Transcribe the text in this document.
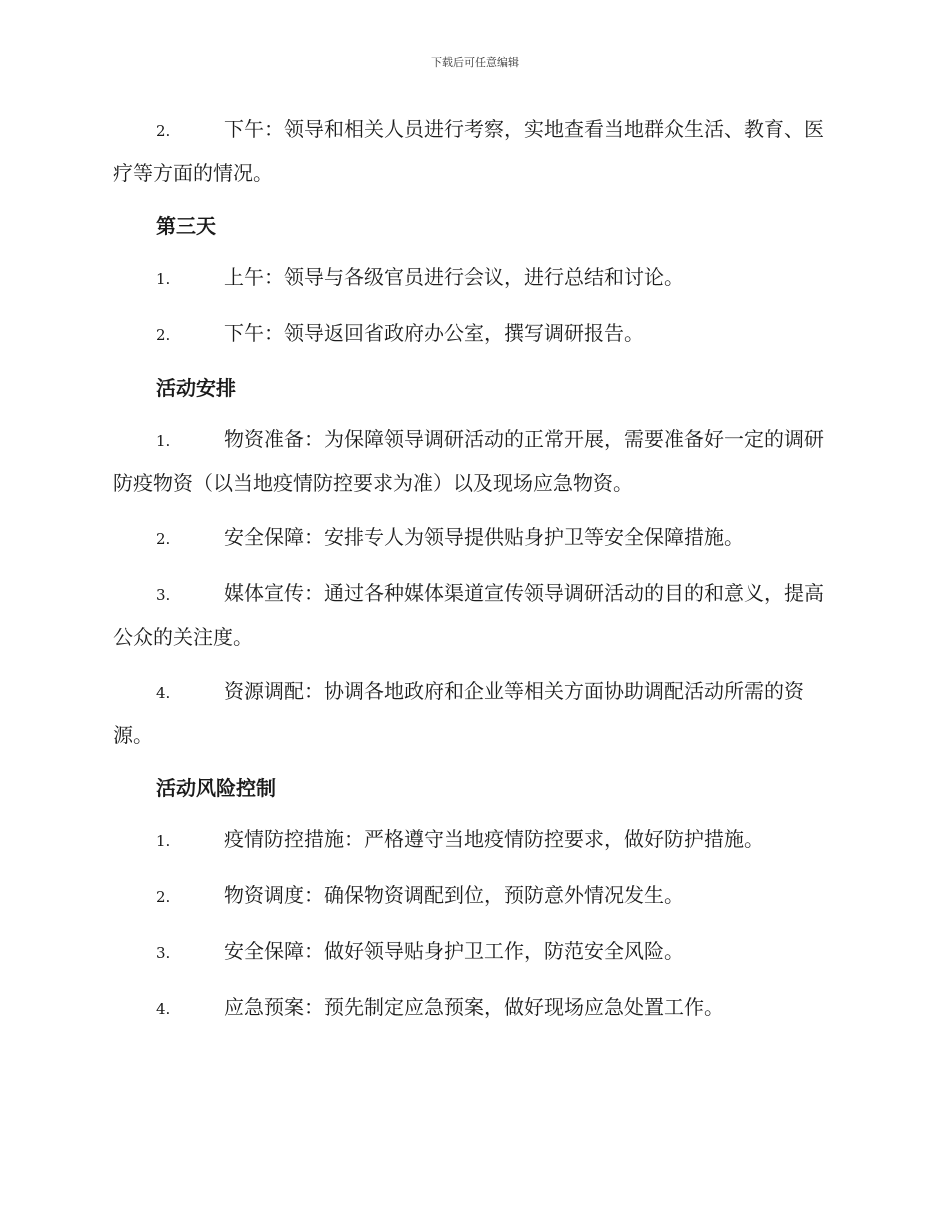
下载后可任意编辑
2.	下午：领导和相关人员进行考察，实地查看当地群众生活、教育、医疗等方面的情况。
第三天
1.	上午：领导与各级官员进行会议，进行总结和讨论。
2.	下午：领导返回省政府办公室，撰写调研报告。
活动安排
1.	物资准备：为保障领导调研活动的正常开展，需要准备好一定的调研防疫物资（以当地疫情防控要求为准）以及现场应急物资。
2.	安全保障：安排专人为领导提供贴身护卫等安全保障措施。
3.	媒体宣传：通过各种媒体渠道宣传领导调研活动的目的和意义，提高公众的关注度。
4.	资源调配：协调各地政府和企业等相关方面协助调配活动所需的资源。
活动风险控制
1.	疫情防控措施：严格遵守当地疫情防控要求，做好防护措施。
2.	物资调度：确保物资调配到位，预防意外情况发生。
3.	安全保障：做好领导贴身护卫工作，防范安全风险。
4.	应急预案：预先制定应急预案，做好现场应急处置工作。
